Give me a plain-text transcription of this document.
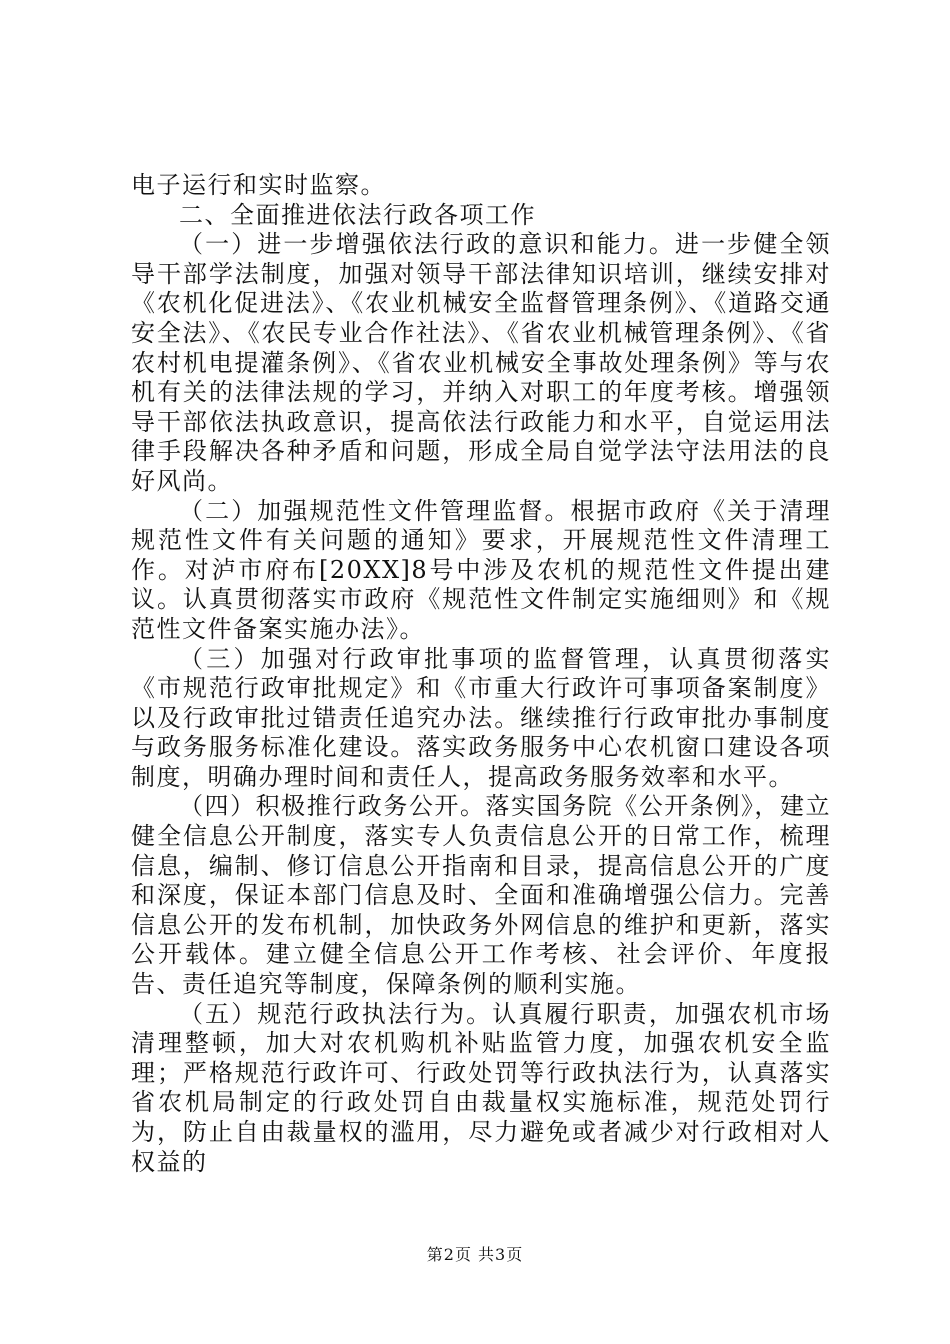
电子运行和实时监察。

二、全面推进依法行政各项工作

（一）进一步增强依法行政的意识和能力。进一步健全领导干部学法制度，加强对领导干部法律知识培训，继续安排对《农机化促进法》、《农业机械安全监督管理条例》、《道路交通安全法》、《农民专业合作社法》、《省农业机械管理条例》、《省农村机电提灌条例》、《省农业机械安全事故处理条例》等与农机有关的法律法规的学习，并纳入对职工的年度考核。增强领导干部依法执政意识，提高依法行政能力和水平，自觉运用法律手段解决各种矛盾和问题，形成全局自觉学法守法用法的良好风尚。

（二）加强规范性文件管理监督。根据市政府《关于清理规范性文件有关问题的通知》要求，开展规范性文件清理工作。对泸市府布[20XX]8号中涉及农机的规范性文件提出建议。认真贯彻落实市政府《规范性文件制定实施细则》和《规范性文件备案实施办法》。

（三）加强对行政审批事项的监督管理，认真贯彻落实《市规范行政审批规定》和《市重大行政许可事项备案制度》以及行政审批过错责任追究办法。继续推行行政审批办事制度与政务服务标准化建设。落实政务服务中心农机窗口建设各项制度，明确办理时间和责任人，提高政务服务效率和水平。

（四）积极推行政务公开。落实国务院《公开条例》，建立健全信息公开制度，落实专人负责信息公开的日常工作，梳理信息，编制、修订信息公开指南和目录，提高信息公开的广度和深度，保证本部门信息及时、全面和准确增强公信力。完善信息公开的发布机制，加快政务外网信息的维护和更新，落实公开载体。建立健全信息公开工作考核、社会评价、年度报告、责任追究等制度，保障条例的顺利实施。

（五）规范行政执法行为。认真履行职责，加强农机市场清理整顿，加大对农机购机补贴监管力度，加强农机安全监理；严格规范行政许可、行政处罚等行政执法行为，认真落实省农机局制定的行政处罚自由裁量权实施标准，规范处罚行为，防止自由裁量权的滥用，尽力避免或者减少对行政相对人权益的

第2页 共3页
